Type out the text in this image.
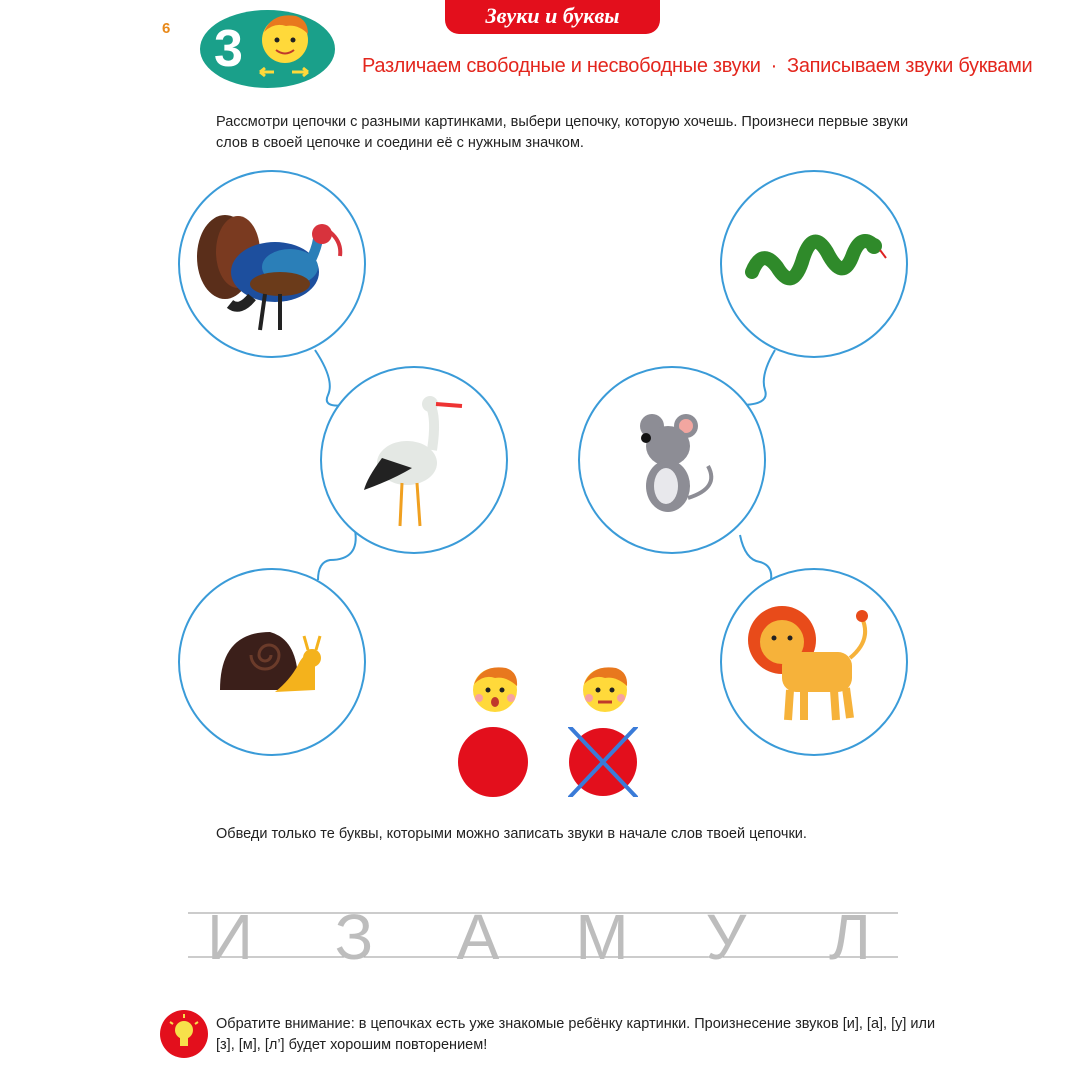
6 3
Звуки и буквы
Различаем свободные и несвободные звуки · Записываем звуки буквами
Рассмотри цепочки с разными картинками, выбери цепочку, которую хочешь. Произнеси первые звуки слов в своей цепочке и соедини её с нужным значком.
Обведи только те буквы, которыми можно записать звуки в начале слов твоей цепочки.
И З А М У Л
Обратите внимание: в цепочках есть уже знакомые ребёнку картинки. Произнесение звуков [и], [а], [у] или [з], [м], [л’] будет хорошим повторением!
